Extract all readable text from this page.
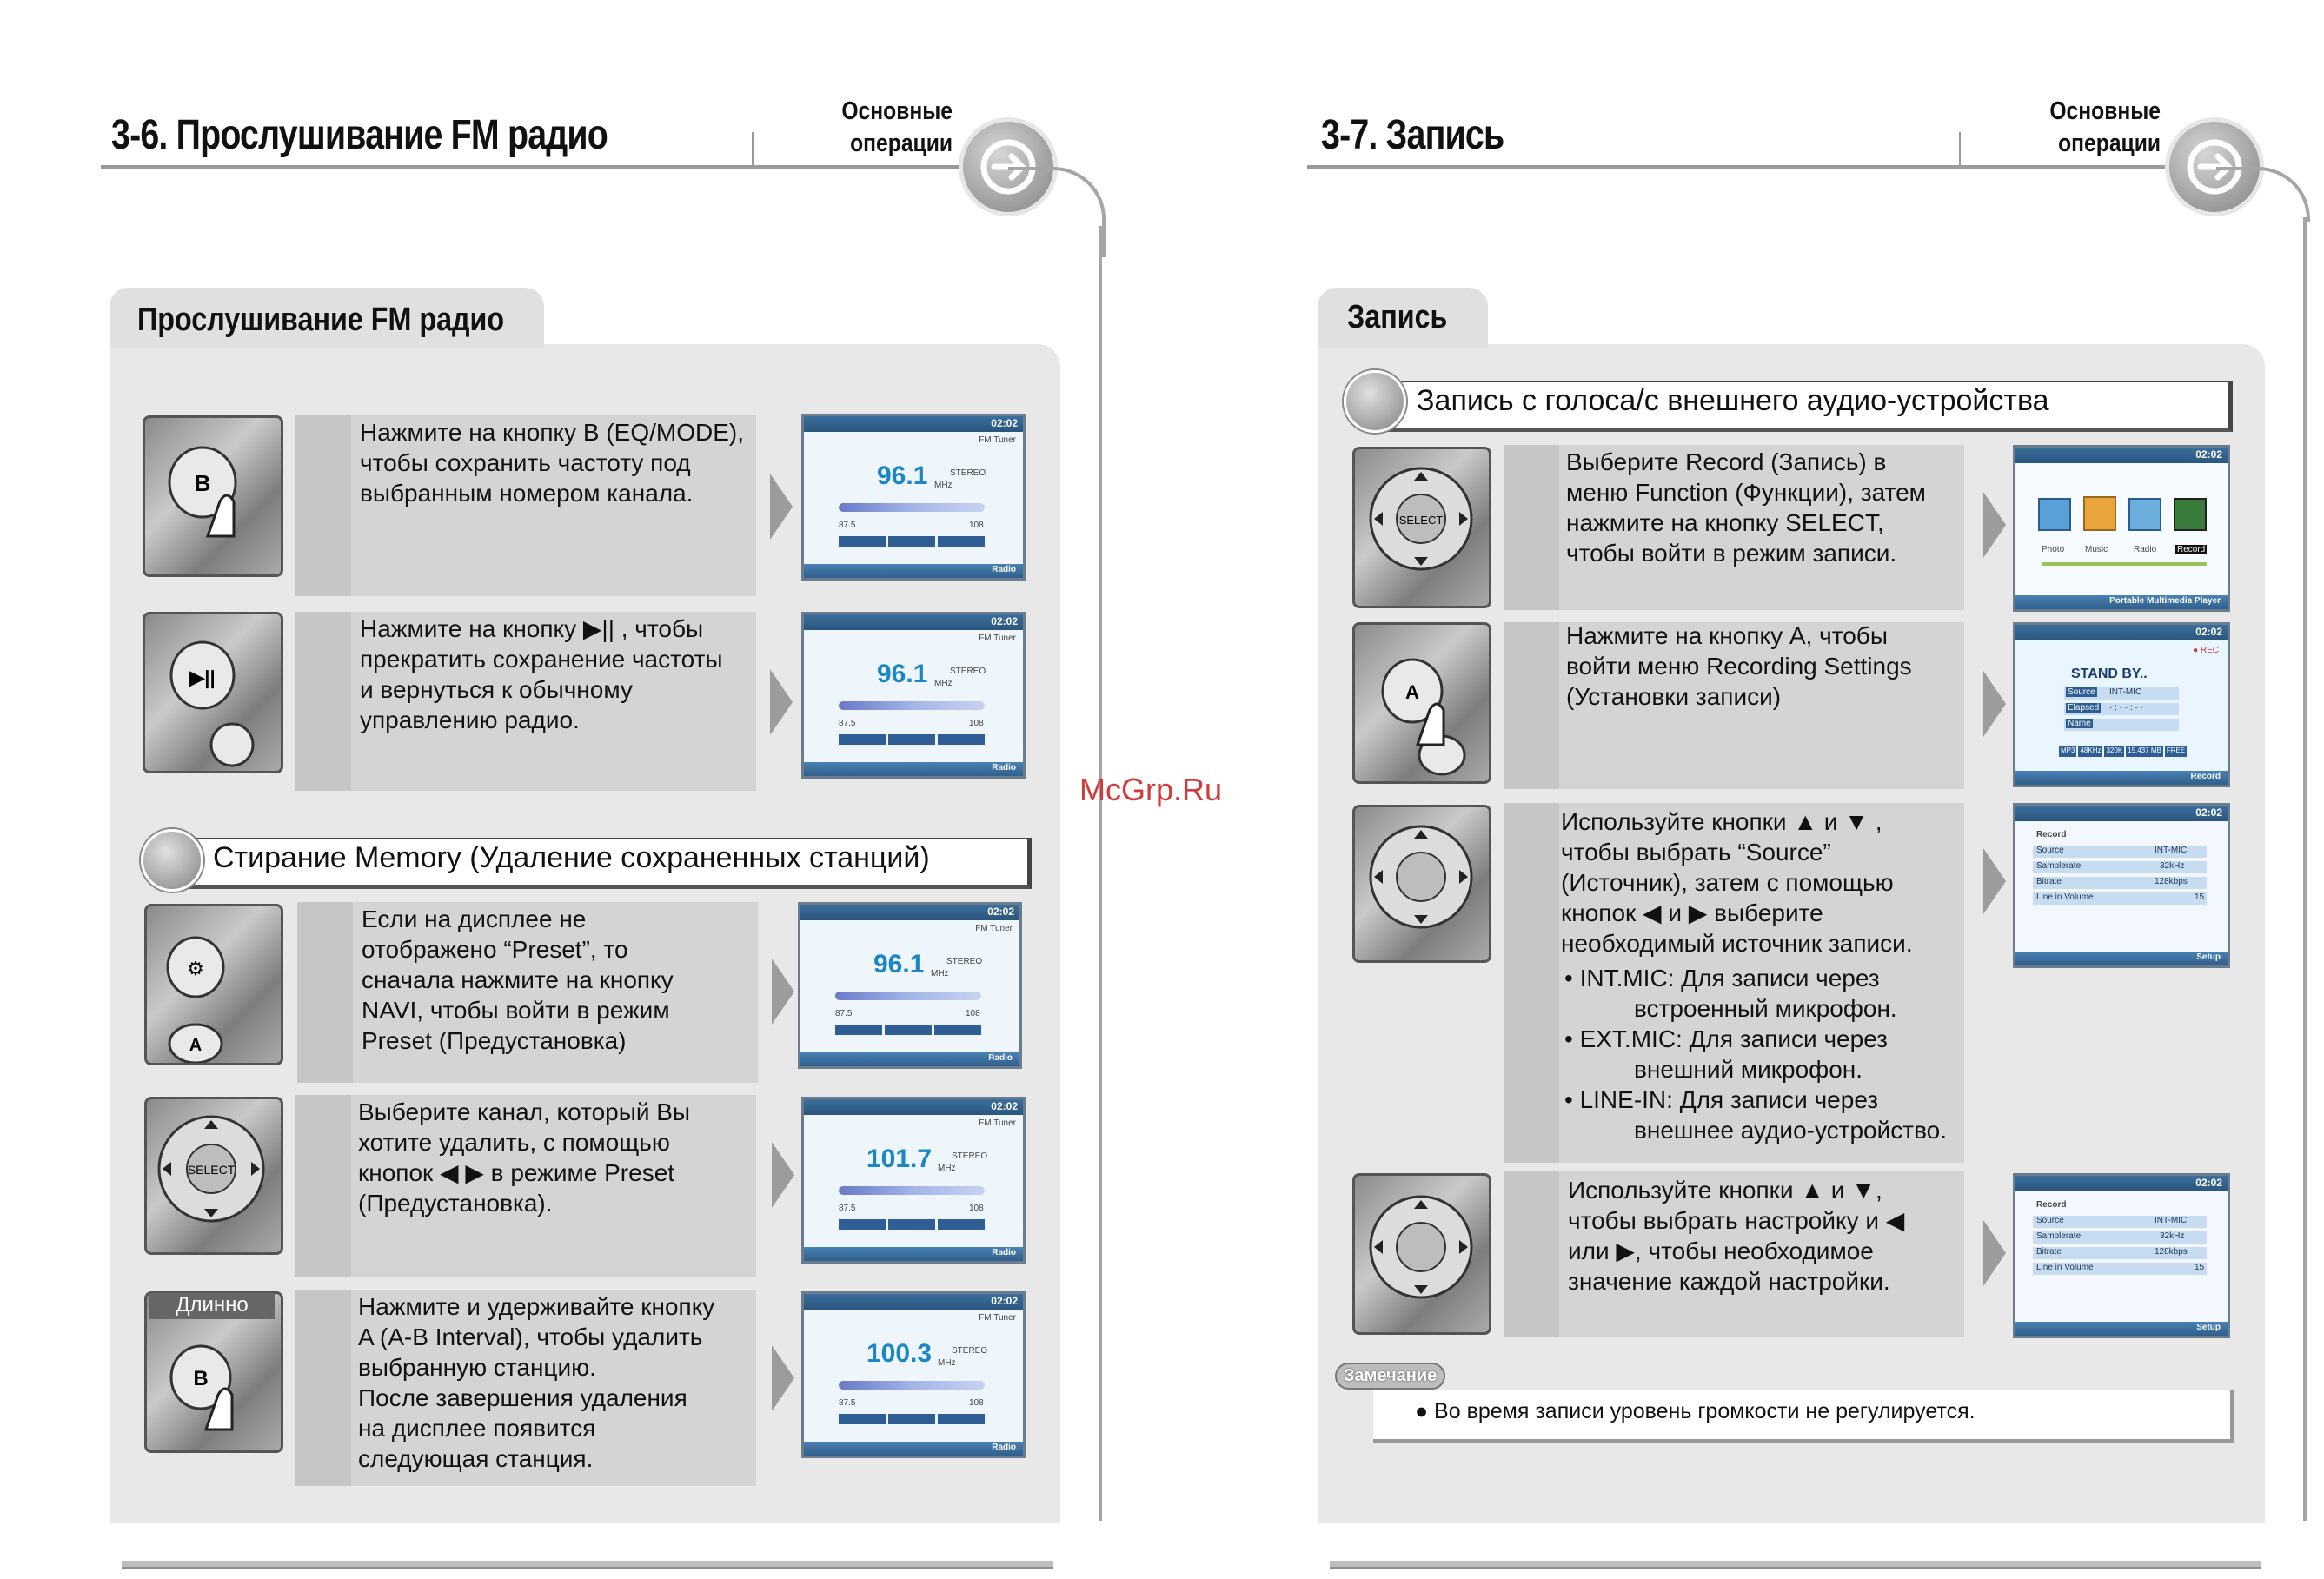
3-6. Прослушивание FM радио
Основные
операции
Прослушивание FM радио
B
Нажмите на кнопку B (EQ/MODE),
чтобы сохранить частоту под
выбранным номером канала.
▶||
Нажмите на кнопку ▶|| , чтобы
прекратить сохранение частоты
и вернуться к обычному
управлению радио.
Стирание Memory (Удаление сохраненных станций)
⚙
A
Если на дисплее не
отображено “Preset”, то
сначала нажмите на кнопку
NAVI, чтобы войти в режим
Preset (Предустановка)
SELECT
Выберите канал, который Вы
хотите удалить, с помощью
кнопок ◀ ▶ в режиме Preset
(Предустановка).
B
Длинно	Нажмите и удерживайте кнопку
A (A-B Interval), чтобы удалить
выбранную станцию.
После завершения удаления
на дисплее появится
следующая станция.
02:02
FM Tuner
96.1 MHz
STEREO
87.5	108
Radio
02:02
FM Tuner
96.1 MHz
STEREO
87.5	108
Radio
02:02
FM Tuner
96.1 MHz
STEREO
87.5	108
Radio
02:02
FM Tuner
101.7 MHz
STEREO
87.5	108
Radio
02:02
FM Tuner
100.3 MHz
STEREO
87.5	108
Radio
McGrp.Ru
3-7. Запись
Основные
операции
Запись
Запись с голоса/с внешнего аудио-устройства
SELECT
Выберите Record (Запись) в
меню Function (Функции), затем
нажмите на кнопку SELECT,
чтобы войти в режим записи.
02:02
Photo Music	Radio Record
Portable Multimedia Player
A
Нажмите на кнопку A, чтобы
войти меню Recording Settings
(Установки записи)
02:02
● REC
STAND BY..
Source INT-MIC
Elapsed - : - - : - -
Name
MP3 48KHz 320K 15,437 MB FREE
Record
Используйте кнопки ▲ и ▼ ,
чтобы выбрать “Source”
(Источник), затем с помощью
кнопок ◀ и ▶ выберите
необходимый источник записи.
• INT.MIC: Для записи через
встроенный микрофон.
• EXT.MIC: Для записи через
внешний микрофон.
• LINE-IN: Для записи через
внешнее аудио-устройство.
02:02
Record
Source	INT-MIC
Samplerate	32kHz
Bitrate	128kbps
Line in Volume	15
Setup
Используйте кнопки ▲ и ▼,
чтобы выбрать настройку и ◀
или ▶, чтобы необходимое
значение каждой настройки.
02:02
Record
Source	INT-MIC
Samplerate	32kHz
Bitrate	128kbps
Line in Volume	15
Setup
Замечание
● Во время записи уровень громкости не регулируется.
